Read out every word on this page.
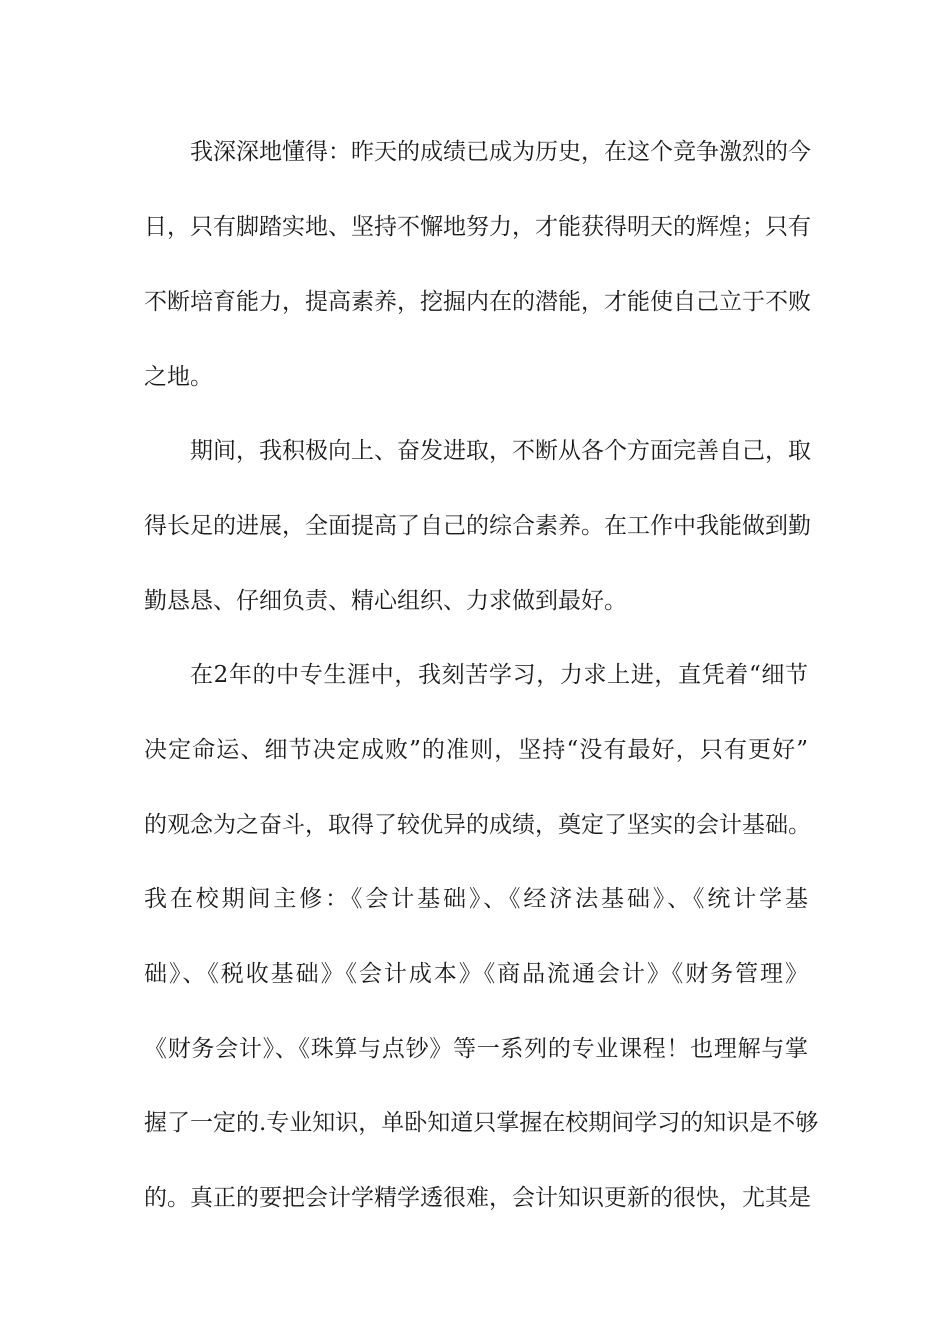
我深深地懂得：昨天的成绩已成为历史，在这个竞争激烈的今
日，只有脚踏实地、坚持不懈地努力，才能获得明天的辉煌；只有
不断培育能力，提高素养，挖掘内在的潜能，才能使自己立于不败
之地。
期间，我积极向上、奋发进取，不断从各个方面完善自己，取
得长足的进展，全面提高了自己的综合素养。在工作中我能做到勤
勤恳恳、仔细负责、精心组织、力求做到最好。
在2年的中专生涯中，我刻苦学习，力求上进，直凭着“细节
决定命运、细节决定成败”的准则，坚持“没有最好，只有更好”
的观念为之奋斗，取得了较优异的成绩，奠定了坚实的会计基础。
我在校期间主修：《会计基础》、《经济法基础》、《统计学基
础》、《税收基础》《会计成本》《商品流通会计》《财务管理》
《财务会计》、《珠算与点钞》等一系列的专业课程！也理解与掌
握了一定的.专业知识，单卧知道只掌握在校期间学习的知识是不够
的。真正的要把会计学精学透很难，会计知识更新的很快，尤其是
